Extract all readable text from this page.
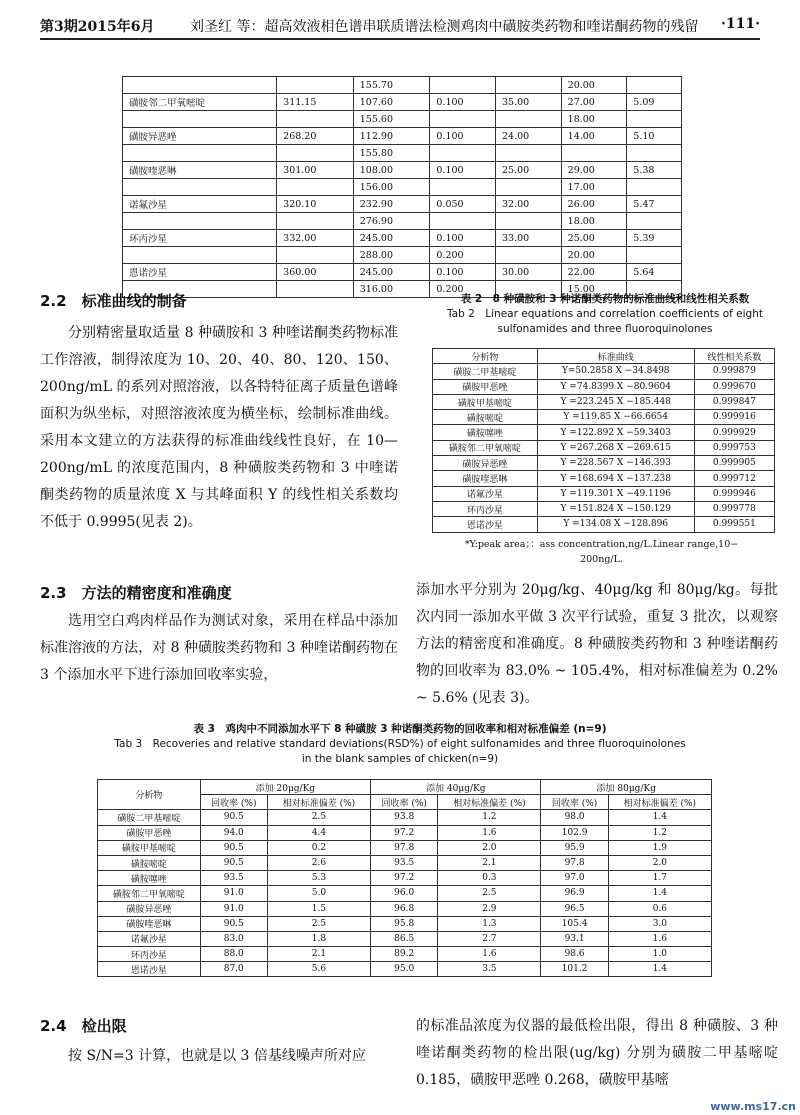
第3期2015年6月	刘圣红 等：超高效液相色谱串联质谱法检测鸡肉中磺胺类药物和喹诺酮药物的残留 ·111·
		155.70			20.00	
磺胺邻二甲氧嘧啶	311.15	107.60	0.100	35.00	27.00	5.09
		155.60			18.00	
磺胺异恶唑	268.20	112.90	0.100	24.00	14.00	5.10
		155.80				
磺胺喹恶啉	301.00	108.00	0.100	25.00	29.00	5.38
		156.00			17.00	
诺氟沙星	320.10	232.90	0.050	32.00	26.00	5.47
		276.90			18.00	
环丙沙星	332.00	245.00	0.100	33.00	25.00	5.39
		288.00	0.200		20.00	
恩诺沙星	360.00	245.00	0.100	30.00	22.00	5.64
		316.00	0.200		15.00	
2.2　标准曲线的制备
分别精密量取适量 8 种磺胺和 3 种喹诺酮类药物标准工作溶液，制得浓度为 10、20、40、80、120、150、200ng/mL 的系列对照溶液，以各特特征离子质量色谱峰面积为纵坐标，对照溶液浓度为横坐标，绘制标准曲线。采用本文建立的方法获得的标准曲线线性良好，在 10—200ng/mL 的浓度范围内，8 种磺胺类药物和 3 中喹诺酮类药物的质量浓度 X 与其峰面积 Y 的线性相关系数均不低于 0.9995(见表 2)。
表 2　8 种磺胺和 3 种诺酮类药物的标准曲线和线性相关系数
Tab 2　Linear equations and correlation coefficients of eight
sulfonamides and three fluoroquinolones
分析物	标准曲线	线性相关系数
磺胺二甲基嘧啶	Y=50.2858 X −34.8498	0.999879
磺胺甲恶唑	Y =74.8399 X −80.9604	0.999670
磺胺甲基嘧啶	Y =223.245 X −185.448	0.999847
磺胺嘧啶	Y =119.85 X −66.6654	0.999916
磺胺噻唑	Y =122.892 X −59.3403	0.999929
磺胺邻二甲氧嘧啶	Y =267.268 X −269.615	0.999753
磺胺异恶唑	Y =228.567 X −146.393	0.999905
磺胺喹恶啉	Y =168.694 X −137.238	0.999712
诺氟沙星	Y =119.301 X −49.1196	0.999946
环丙沙星	Y =151.824 X −150.129	0.999778
恩诺沙星	Y =134.08 X −128.896	0.999551
*Y:peak area；：ass concentration,ng/L.Linear range,10−
200ng/L.
2.3　方法的精密度和准确度
选用空白鸡肉样品作为测试对象，采用在样品中添加标准溶液的方法，对 8 种磺胺类药物和 3 种喹诺酮药物在 3 个添加水平下进行添加回收率实验，
添加水平分别为 20μg/kg、40μg/kg 和 80μg/kg。每批次内同一添加水平做 3 次平行试验，重复 3 批次，以观察方法的精密度和准确度。8 种磺胺类药物和 3 种喹诺酮药物的回收率为 83.0% ~ 105.4%，相对标准偏差为 0.2% ~ 5.6% (见表 3)。
表 3　鸡肉中不同添加水平下 8 种磺胺 3 种诺酮类药物的回收率和相对标准偏差 (n=9)
Tab 3　Recoveries and relative standard deviations(RSD%) of eight sulfonamides and three fluoroquinolones
in the blank samples of chicken(n=9)
分析物	添加 20μg/Kg		添加 40μg/Kg		添加 80μg/Kg	
	回收率 (%)	相对标准偏差 (%)	回收率 (%)	相对标准偏差 (%)	回收率 (%)	相对标准偏差 (%)
磺胺二甲基嘧啶	90.5	2.5	93.8	1.2	98.0	1.4
磺胺甲恶唑	94.0	4.4	97.2	1.6	102.9	1.2
磺胺甲基嘧啶	90.5	0.2	97.8	2.0	95.9	1.9
磺胺嘧啶	90.5	2.6	93.5	2.1	97.8	2.0
磺胺噻唑	93.5	5.3	97.2	0.3	97.0	1.7
磺胺邻二甲氧嘧啶	91.0	5.0	96.0	2.5	96.9	1.4
磺胺异恶唑	91.0	1.5	96.8	2.9	96.5	0.6
磺胺喹恶啉	90.5	2.5	95.8	1.3	105.4	3.0
诺氟沙星	83.0	1.8	86.5	2.7	93.1	1.6
环丙沙星	88.0	2.1	89.2	1.6	98.6	1.0
恩诺沙星	87.0	5.6	95.0	3.5	101.2	1.4
2.4　检出限
按 S/N=3 计算，也就是以 3 倍基线噪声所对应
的标准品浓度为仪器的最低检出限，得出 8 种磺胺、3 种喹诺酮类药物的检出限(ug/kg) 分别为磺胺二甲基嘧啶 0.185，磺胺甲恶唑 0.268，磺胺甲基嘧
www.ms17.cn
